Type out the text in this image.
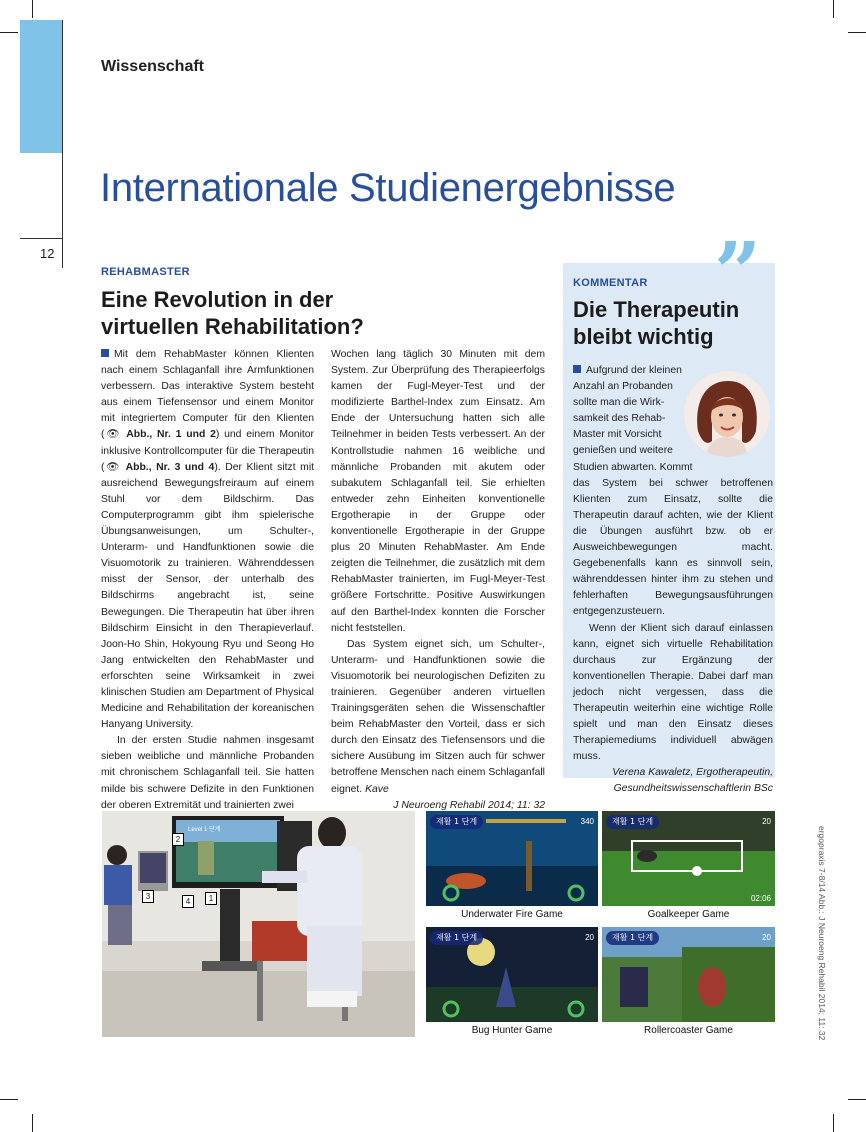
Wissenschaft
Internationale Studienergebnisse
12
REHABMASTER
Eine Revolution in der
virtuellen Rehabilitation?

Mit dem RehabMaster können Klienten nach einem Schlaganfall ihre Armfunktionen verbessern. Das interaktive System besteht aus einem Tiefensensor und einem Monitor mit integriertem Computer für den Klienten (👁 Abb., Nr. 1 und 2) und einem Monitor inklusive Kontrollcomputer für die Therapeutin (👁 Abb., Nr. 3 und 4). Der Klient sitzt mit ausreichend Bewegungsfreiraum auf einem Stuhl vor dem Bildschirm. Das Computerprogramm gibt ihm spielerische Übungsanweisungen, um Schulter-, Unterarm- und Handfunktionen sowie die Visuomotorik zu trainieren. Währenddessen misst der Sensor, der unterhalb des Bildschirms angebracht ist, seine Bewegungen. Die Therapeutin hat über ihren Bildschirm Einsicht in den Therapieverlauf. Joon-Ho Shin, Hokyoung Ryu und Seong Ho Jang entwickelten den RehabMaster und erforschten seine Wirksamkeit in zwei klinischen Studien am Department of Physical Medicine and Rehabilitation der koreanischen Hanyang University.

In der ersten Studie nahmen insgesamt sieben weibliche und männliche Probanden mit chronischem Schlaganfall teil. Sie hatten milde bis schwere Defizite in den Funktionen der oberen Extremität und trainierten zwei

Wochen lang täglich 30 Minuten mit dem System. Zur Überprüfung des Therapieerfolgs kamen der Fugl-Meyer-Test und der modifizierte Barthel-Index zum Einsatz. Am Ende der Untersuchung hatten sich alle Teilnehmer in beiden Tests verbessert. An der Kontrollstudie nahmen 16 weibliche und männliche Probanden mit akutem oder subakutem Schlaganfall teil. Sie erhielten entweder zehn Einheiten konventionelle Ergotherapie in der Gruppe oder konventionelle Ergotherapie in der Gruppe plus 20 Minuten RehabMaster. Am Ende zeigten die Teilnehmer, die zusätzlich mit dem RehabMaster trainierten, im Fugl-Meyer-Test größere Fortschritte. Positive Auswirkungen auf den Barthel-Index konnten die Forscher nicht feststellen.

Das System eignet sich, um Schulter-, Unterarm- und Handfunktionen sowie die Visuomotorik bei neurologischen Defiziten zu trainieren. Gegenüber anderen virtuellen Trainingsgeräten sehen die Wissenschaftler beim RehabMaster den Vorteil, dass er sich durch den Einsatz des Tiefensensors und die sichere Ausübung im Sitzen auch für schwer betroffene Menschen nach einem Schlaganfall eignet. Kave

J Neuroeng Rehabil 2014; 11: 32

”
KOMMENTAR
Die Therapeutin
bleibt wichtig
Aufgrund der kleinen
Anzahl an Probanden
sollte man die Wirk-
samkeit des Rehab-
Master mit Vorsicht
genießen und weitere
Studien abwarten. Kommt

das System bei schwer betroffenen Klienten zum Einsatz, sollte die Therapeutin darauf achten, wie der Klient die Übungen ausführt bzw. ob er Ausweichbewegungen macht. Gegebenenfalls kann es sinnvoll sein, währenddessen hinter ihm zu stehen und fehlerhaften Bewegungsausführungen entgegenzusteuern.

Wenn der Klient sich darauf einlassen kann, eignet sich virtuelle Rehabilitation durchaus zur Ergänzung der konventionellen Therapie. Dabei darf man jedoch nicht vergessen, dass die Therapeutin weiterhin eine wichtige Rolle spielt und man den Einsatz dieses Therapiemediums individuell abwägen muss.

Verena Kawaletz, Ergotherapeutin,

Gesundheitswissenschaftlerin BSc

2
3
4	1
Level 1 단계
재활 1 단계	340	재활 1 단계
02:06
20
Underwater Fire Game	Goalkeeper Game
재활 1 단계	20	재활 1 단계	20
Bug Hunter Game	Rollercoaster Game	ergopraxis 7-8/14 Abb.: J Neuroeng Rehabil 2014; 11: 32
